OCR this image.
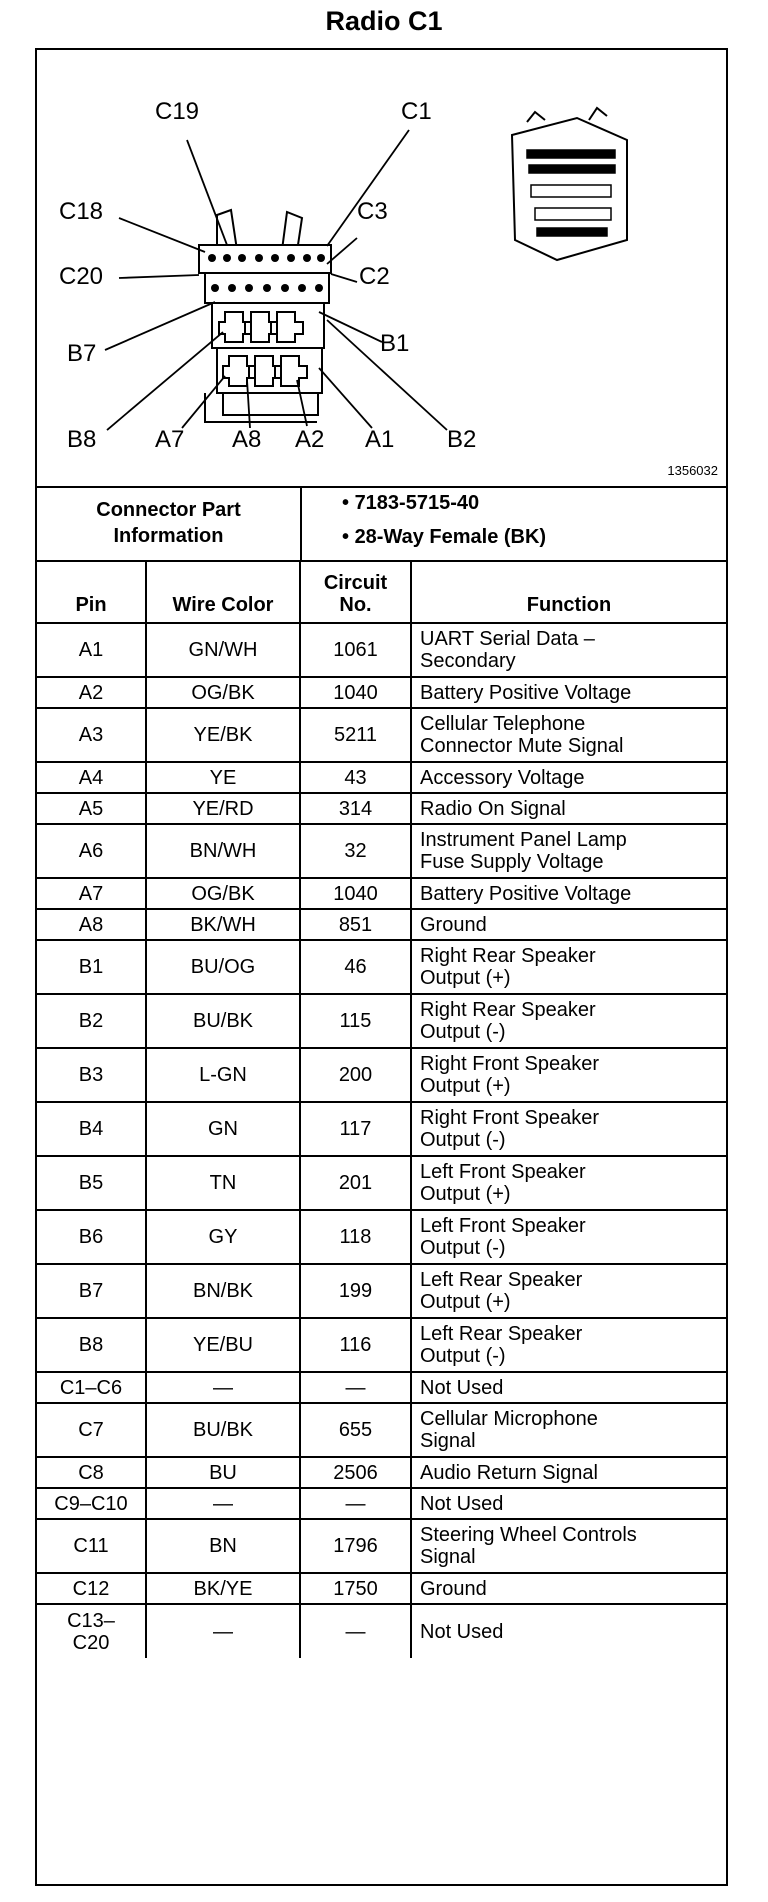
Radio C1
C19	C1
C18	C3
C20	C2
B7	B1
B8 A7 A8 A2 A1 B2
1356032
Connector Part
Information
• 7183-5715-40
• 28-Way Female (BK)
Pin	Wire Color	Circuit
No.	Function
A1	GN/WH	1061	UART Serial Data –
Secondary
A2	OG/BK	1040	Battery Positive Voltage
A3	YE/BK	5211	Cellular Telephone
Connector Mute Signal
A4	YE	43	Accessory Voltage
A5	YE/RD	314	Radio On Signal
A6	BN/WH	32	Instrument Panel Lamp
Fuse Supply Voltage
A7	OG/BK	1040	Battery Positive Voltage
A8	BK/WH	851	Ground
B1	BU/OG	46	Right Rear Speaker
Output (+)
B2	BU/BK	115	Right Rear Speaker
Output (-)
B3	L-GN	200	Right Front Speaker
Output (+)
B4	GN	117	Right Front Speaker
Output (-)
B5	TN	201	Left Front Speaker
Output (+)
B6	GY	118	Left Front Speaker
Output (-)
B7	BN/BK	199	Left Rear Speaker
Output (+)
B8	YE/BU	116	Left Rear Speaker
Output (-)
C1–C6	—	—	Not Used
C7	BU/BK	655	Cellular Microphone
Signal
C8	BU	2506	Audio Return Signal
C9–C10	—	—	Not Used
C11	BN	1796	Steering Wheel Controls
Signal
C12	BK/YE	1750	Ground
C13–
C20	—	—	Not Used
